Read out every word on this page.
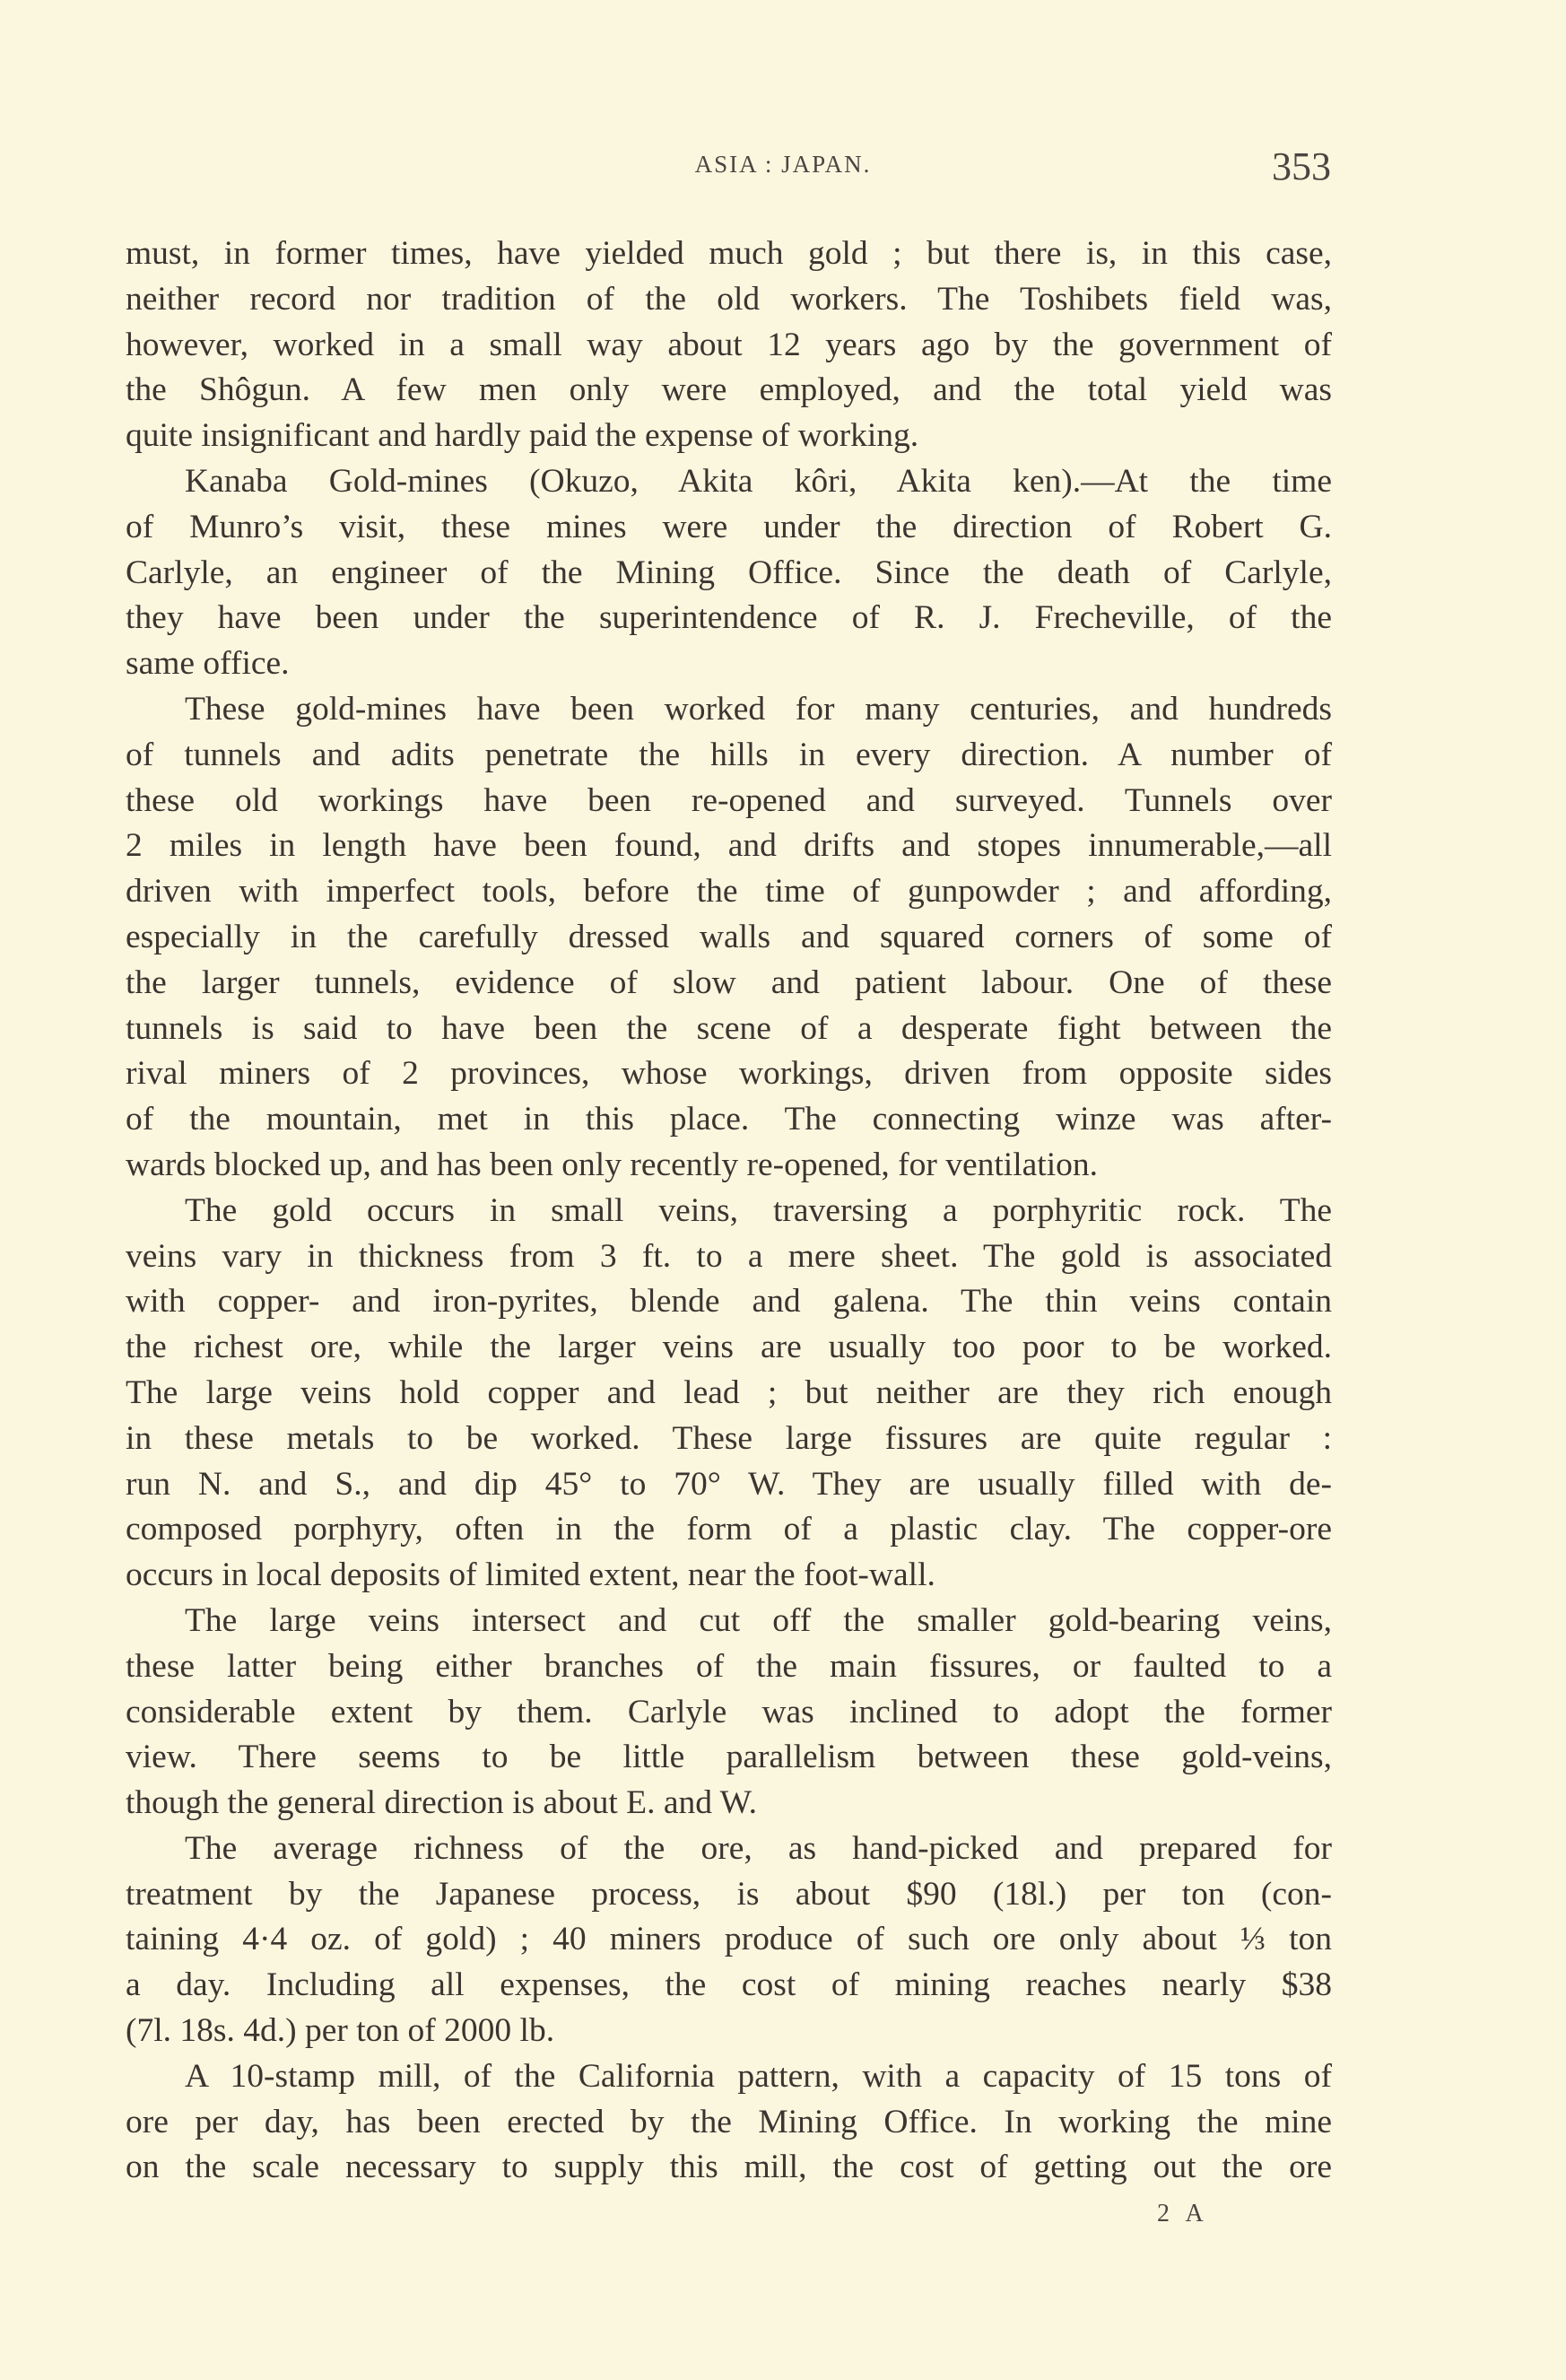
ASIA : JAPAN.	353
must, in former times, have yielded much gold ; but there is, in this case,
neither record nor tradition of the old workers. The Toshibets field was,
however, worked in a small way about 12 years ago by the government of
the Shôgun. A few men only were employed, and the total yield was
quite insignificant and hardly paid the expense of working.
Kanaba Gold-mines (Okuzo, Akita kôri, Akita ken).—At the time
of Munro’s visit, these mines were under the direction of Robert G.
Carlyle, an engineer of the Mining Office. Since the death of Carlyle,
they have been under the superintendence of R. J. Frecheville, of the
same office.
These gold-mines have been worked for many centuries, and hundreds
of tunnels and adits penetrate the hills in every direction. A number of
these old workings have been re-opened and surveyed. Tunnels over
2 miles in length have been found, and drifts and stopes innumerable,—all
driven with imperfect tools, before the time of gunpowder ; and affording,
especially in the carefully dressed walls and squared corners of some of
the larger tunnels, evidence of slow and patient labour. One of these
tunnels is said to have been the scene of a desperate fight between the
rival miners of 2 provinces, whose workings, driven from opposite sides
of the mountain, met in this place. The connecting winze was after-
wards blocked up, and has been only recently re-opened, for ventilation.
The gold occurs in small veins, traversing a porphyritic rock. The
veins vary in thickness from 3 ft. to a mere sheet. The gold is associated
with copper- and iron-pyrites, blende and galena. The thin veins contain
the richest ore, while the larger veins are usually too poor to be worked.
The large veins hold copper and lead ; but neither are they rich enough
in these metals to be worked. These large fissures are quite regular :
run N. and S., and dip 45° to 70° W. They are usually filled with de-
composed porphyry, often in the form of a plastic clay. The copper-ore
occurs in local deposits of limited extent, near the foot-wall.
The large veins intersect and cut off the smaller gold-bearing veins,
these latter being either branches of the main fissures, or faulted to a
considerable extent by them. Carlyle was inclined to adopt the former
view. There seems to be little parallelism between these gold-veins,
though the general direction is about E. and W.
The average richness of the ore, as hand-picked and prepared for
treatment by the Japanese process, is about $90 (18l.) per ton (con-
taining 4·4 oz. of gold) ; 40 miners produce of such ore only about ⅓ ton
a day. Including all expenses, the cost of mining reaches nearly $38
(7l. 18s. 4d.) per ton of 2000 lb.
A 10-stamp mill, of the California pattern, with a capacity of 15 tons of
ore per day, has been erected by the Mining Office. In working the mine
on the scale necessary to supply this mill, the cost of getting out the ore
2 A
